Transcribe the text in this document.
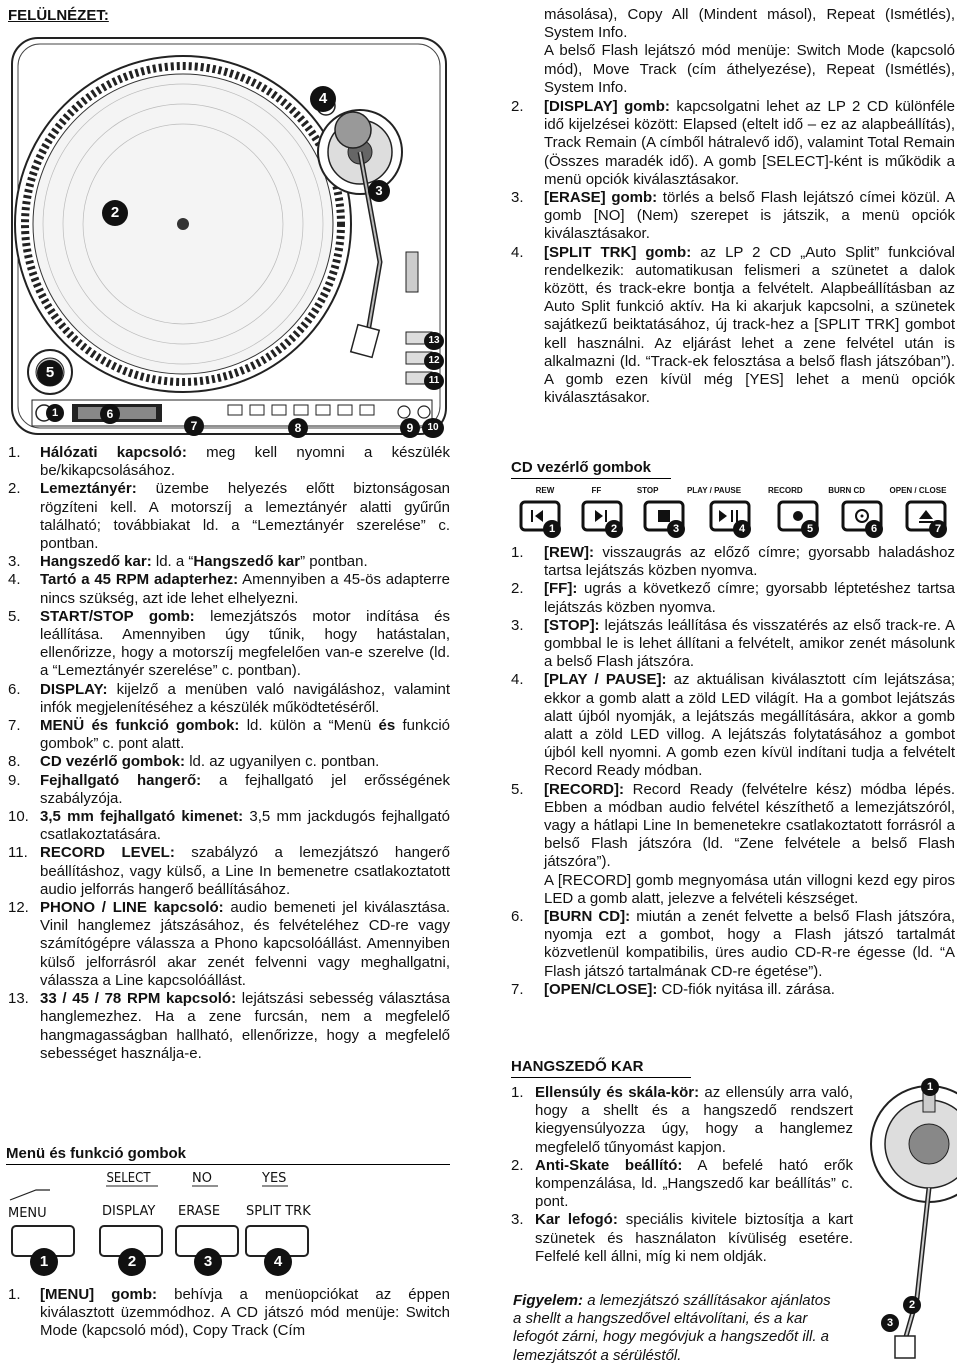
FELÜLNÉZET:
1
2
3
4
5
6
7	8	9	10
11
12
13
1. Hálózati kapcsoló: meg kell nyomni a készülék be/kikapcsolásához.
2. Lemeztányér: üzembe helyezés előtt biztonságosan rögzíteni kell. A motorszíj a lemeztányér alatti gyűrűn található; továbbiakat ld. a “Lemeztányér szerelése” c. pontban.
3. Hangszedő kar: ld. a “Hangszedő kar” pontban.
4. Tartó a 45 RPM adapterhez: Amennyiben a 45-ös adapterre nincs szükség, azt ide lehet elhelyezni.
5. START/STOP gomb: lemezjátszós motor indítása és leállítása. Amennyiben úgy tűnik, hogy hatástalan, ellenőrizze, hogy a motorszíj megfelelően van-e szerelve (ld. a “Lemeztányér szerelése” c. pontban).
6. DISPLAY: kijelző a menüben való navigáláshoz, valamint infók megjelenítéséhez a készülék működtetéséről.
7. MENÜ és funkció gombok: ld. külön a “Menü és funkció gombok” c. pont alatt.
8. CD vezérlő gombok: ld. az ugyanilyen c. pontban.
9. Fejhallgató hangerő: a fejhallgató jel erősségének szabályzója.
10. 3,5 mm fejhallgató kimenet: 3,5 mm jackdugós fejhallgató csatlakoztatására.
11. RECORD LEVEL: szabályzó a lemezjátszó hangerő beállításhoz, vagy külső, a Line In bemenetre csatlakoztatott audio jelforrás hangerő beállításához.
12. PHONO / LINE kapcsoló: audio bemeneti jel kiválasztása. Vinil hanglemez játszásához, és felvételéhez CD-re vagy számítógépre válassza a Phono kapcsolóállást. Amennyiben külső jelforrásról akar zenét felvenni vagy meghallgatni, válassza a Line kapcsolóállást.
13. 33 / 45 / 78 RPM kapcsoló: lejátszási sebesség választása hanglemezhez. Ha a zene furcsán, nem a megfelelő hangmagasságban hallható, ellenőrizze, hogy a megfelelő sebességet használja-e.
Menü és funkció gombok
SELECT	NO	YES
MENU	DISPLAY ERASE SPLIT TRK
1	2	3	4
1. [MENU] gomb: behívja a menüopciókat az éppen kiválasztott üzemmódhoz. A CD játszó mód menüje: Switch Mode (kapcsoló mód), Copy Track (Cím

másolása), Copy All (Mindent másol), Repeat (Ismétlés), System Info.

A belső Flash lejátszó mód menüje: Switch Mode (kapcsoló mód), Move Track (cím áthelyezése), Repeat (Ismétlés), System Info.

2. [DISPLAY] gomb: kapcsolgatni lehet az LP 2 CD különféle idő kijelzései között: Elapsed (eltelt idő – ez az alapbeállítás), Track Remain (A címből hátralevő idő), valamint Total Remain (Összes maradék idő). A gomb [SELECT]-ként is működik a menü opciók kiválasztásakor.
3. [ERASE] gomb: törlés a belső Flash lejátszó címei közül. A gomb [NO] (Nem) szerepet is játszik, a menü opciók kiválasztásakor.
4. [SPLIT TRK] gomb: az LP 2 CD „Auto Split” funkcióval rendelkezik: automatikusan felismeri a szünetet a dalok között, és track-ekre bontja a felvételt. Alapbeállításban az Auto Split funkció aktív. Ha ki akarjuk kapcsolni, a szünetek sajátkezű beiktatásához, új track-hez a [SPLIT TRK] gombot kell használni. Az eljárást lehet a zene felvétel után is alkalmazni (ld. “Track-ek felosztása a belső flash játszóban”). A gomb ezen kívül még [YES] lehet a menü opciók kiválasztásakor.
CD vezérlő gombok
REW	FF	STOP	PLAY / PAUSE	RECORD	BURN CD	OPEN / CLOSE
1	2	3	4	5	6	7
1. [REW]: visszaugrás az előző címre; gyorsabb haladáshoz tartsa lejátszás közben nyomva.
2. [FF]: ugrás a következő címre; gyorsabb léptetéshez tartsa lejátszás közben nyomva.
3. [STOP]: lejátszás leállítása és visszatérés az első track-re. A gombbal le is lehet állítani a felvételt, amikor zenét másolunk a belső Flash játszóra.
4. [PLAY / PAUSE]: az aktuálisan kiválasztott cím lejátszása; ekkor a gomb alatt a zöld LED világít. Ha a gombot lejátszás alatt újból nyomják, a lejátszás megállítására, akkor a gomb alatt a zöld LED villog. A lejátszás folytatásához a gombot újból kell nyomni. A gomb ezen kívül indítani tudja a felvételt Record Ready módban.
5. [RECORD]: Record Ready (felvételre kész) módba lépés. Ebben a módban audio felvétel készíthető a lemezjátszóról, vagy a hátlapi Line In bemenetekre csatlakoztatott forrásról a belső Flash játszóra (ld. “Zene felvétele a belső Flash játszóra”).
A [RECORD] gomb megnyomása után villogni kezd egy piros LED a gomb alatt, jelezve a felvételi készséget.
6. [BURN CD]: miután a zenét felvette a belső Flash játszóra, nyomja ezt a gombot, hogy a Flash játszó tartalmát közvetlenül kompatibilis, üres audio CD-R-re égesse (ld. “A Flash játszó tartalmának CD-re égetése”).
7. [OPEN/CLOSE]: CD-fiók nyitása ill. zárása.
HANGSZEDŐ KAR
1. Ellensúly és skála-kör: az ellensúly arra való, hogy a shellt és a hangszedő rendszert kiegyensúlyozza úgy, hogy a hanglemez megfelelő tűnyomást kapjon.
2. Anti-Skate beállító: A befelé ható erők kompenzálása, ld. „Hangszedő kar beállítás” c. pont.
3. Kar lefogó: speciális kivitele biztosítja a kart szünetek és használaton kívüliség esetére. Felfelé kell állni, míg ki nem oldják.

Figyelem: a lemezjátszó szállításakor ajánlatos a shellt a hangszedővel eltávolítani, és a kar lefogót zárni, hogy megóvjuk a hangszedőt ill. a lemezjátszót a sérüléstől.

1
2
3
